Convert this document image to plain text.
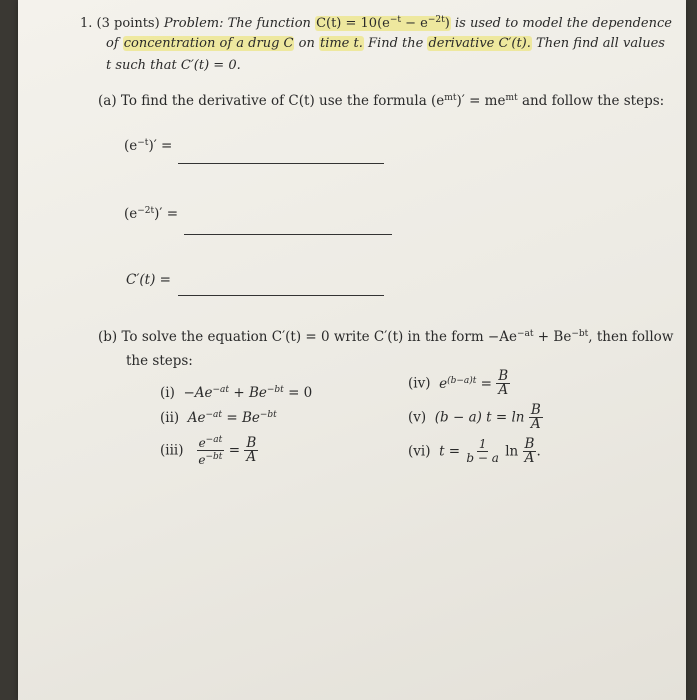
1. (3 points) Problem: The function $C(t) = 10(e^{-t} - e^{-2t})$ is used to model the dependence
of concentration of a drug C on time t. Find the derivative C′(t). Then find all values
t such that C′(t) = 0.
(a) To find the derivative of C(t) use the formula $(e^{mt})' = me^{mt}$ and follow the steps:
$(e^{-t})'$ =
$(e^{-2t})'$ =
C′(t) =
(b) To solve the equation C′(t) = 0 write C′(t) in the form $-Ae^{-at} + Be^{-bt}$, then follow
the steps:
$(i) -Ae^{-at} + Be^{-bt} = 0$
(ii) $Ae^{-at} = Be^{-bt}$
$(iii) \frac{e^{-at}}{e^{-bt}} = \frac{B}{A}$
(iv) $e^{(b-a)t} = \frac{B}{A}$
(v) (b − a) $t = \ln \frac{B}{A}$
(vi) $t = \frac{1}{b - a}$ $\ln \frac{B}{A}$ .
